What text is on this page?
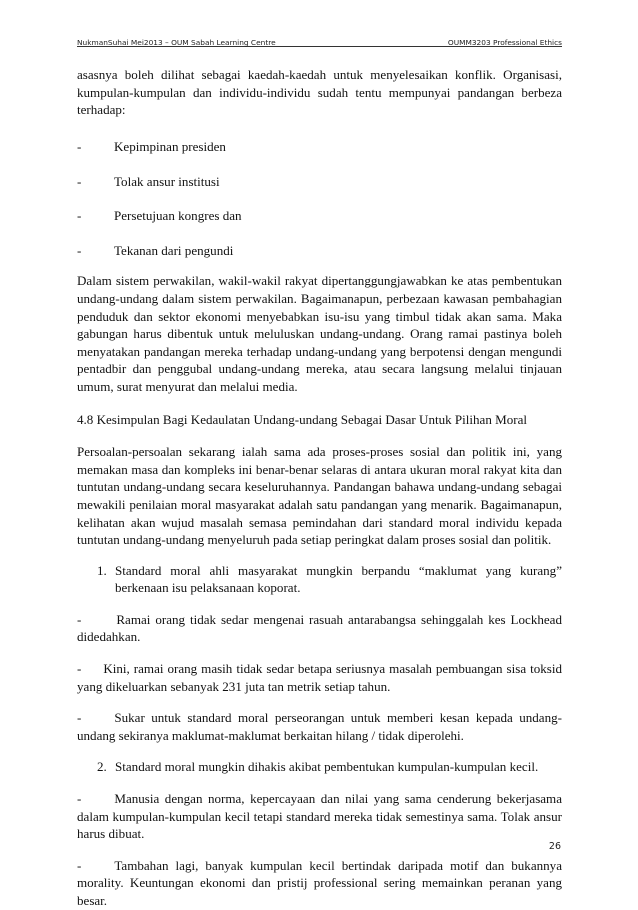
NukmanSuhai Mei2013 – OUM Sabah Learning Centre	OUMM3203 Professional Ethics

asasnya boleh dilihat sebagai kaedah-kaedah untuk menyelesaikan konflik. Organisasi, kumpulan-kumpulan dan individu-individu sudah tentu mempunyai pandangan berbeza terhadap:

-	Kepimpinan presiden

-	Tolak ansur institusi

-	Persetujuan kongres dan

-	Tekanan dari pengundi

Dalam sistem perwakilan, wakil-wakil rakyat dipertanggungjawabkan ke atas pembentukan undang-undang dalam sistem perwakilan. Bagaimanapun, perbezaan kawasan pembahagian penduduk dan sektor ekonomi menyebabkan isu-isu yang timbul tidak akan sama. Maka gabungan harus dibentuk untuk meluluskan undang-undang. Orang ramai pastinya boleh menyatakan pandangan mereka terhadap undang-undang yang berpotensi dengan mengundi pentadbir dan penggubal undang-undang mereka, atau secara langsung melalui tinjauan umum, surat menyurat dan melalui media.

4.8 Kesimpulan Bagi Kedaulatan Undang-undang Sebagai Dasar Untuk Pilihan Moral

Persoalan-persoalan sekarang ialah sama ada proses-proses sosial dan politik ini, yang memakan masa dan kompleks ini benar-benar selaras di antara ukuran moral rakyat kita dan tuntutan undang-undang secara keseluruhannya. Pandangan bahawa undang-undang sebagai mewakili penilaian moral masyarakat adalah satu pandangan yang menarik. Bagaimanapun, kelihatan akan wujud masalah semasa pemindahan dari standard moral individu kepada tuntutan undang-undang menyeluruh pada setiap peringkat dalam proses sosial dan politik.

1. Standard moral ahli masyarakat mungkin berpandu “maklumat yang kurang” berkenaan isu pelaksanaan koporat.

-	Ramai orang tidak sedar mengenai rasuah antarabangsa sehinggalah kes Lockhead didedahkan.

- Kini, ramai orang masih tidak sedar betapa seriusnya masalah pembuangan sisa toksid yang dikeluarkan sebanyak 231 juta tan metrik setiap tahun.

-	Sukar untuk standard moral perseorangan untuk memberi kesan kepada undang-undang sekiranya maklumat-maklumat berkaitan hilang / tidak diperolehi.

2. Standard moral mungkin dihakis akibat pembentukan kumpulan-kumpulan kecil.

-	Manusia dengan norma, kepercayaan dan nilai yang sama cenderung bekerjasama dalam kumpulan-kumpulan kecil tetapi standard mereka tidak semestinya sama. Tolak ansur harus dibuat.

-	Tambahan lagi, banyak kumpulan kecil bertindak daripada motif dan bukannya morality. Keuntungan ekonomi dan pristij professional sering memainkan peranan yang besar.

26
